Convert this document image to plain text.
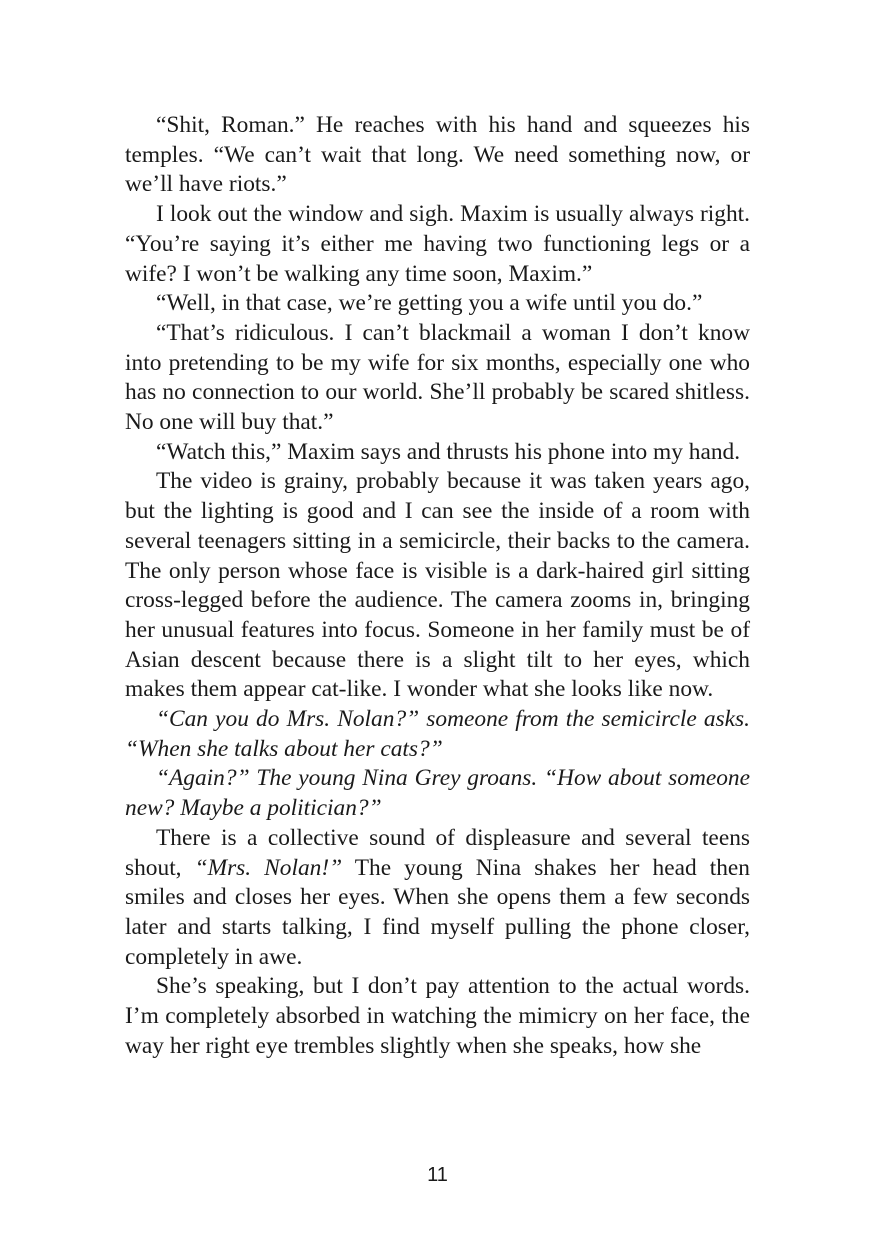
“Shit, Roman.” He reaches with his hand and squeezes his temples. “We can’t wait that long. We need something now, or we’ll have riots.”

I look out the window and sigh. Maxim is usually always right. “You’re saying it’s either me having two functioning legs or a wife? I won’t be walking any time soon, Maxim.”

“Well, in that case, we’re getting you a wife until you do.”

“That’s ridiculous. I can’t blackmail a woman I don’t know into pretending to be my wife for six months, especially one who has no connection to our world. She’ll probably be scared shitless. No one will buy that.”

“Watch this,” Maxim says and thrusts his phone into my hand.

The video is grainy, probably because it was taken years ago, but the lighting is good and I can see the inside of a room with several teenagers sitting in a semicircle, their backs to the camera. The only person whose face is visible is a dark-haired girl sitting cross-legged before the audience. The camera zooms in, bringing her unusual features into focus. Someone in her family must be of Asian descent because there is a slight tilt to her eyes, which makes them appear cat-like. I wonder what she looks like now.

“Can you do Mrs. Nolan?” someone from the semicircle asks. “When she talks about her cats?”

“Again?” The young Nina Grey groans. “How about someone new? Maybe a politician?”

There is a collective sound of displeasure and several teens shout, “Mrs. Nolan!” The young Nina shakes her head then smiles and closes her eyes. When she opens them a few seconds later and starts talking, I find myself pulling the phone closer, completely in awe.

She’s speaking, but I don’t pay attention to the actual words. I’m completely absorbed in watching the mimicry on her face, the way her right eye trembles slightly when she speaks, how she

11
